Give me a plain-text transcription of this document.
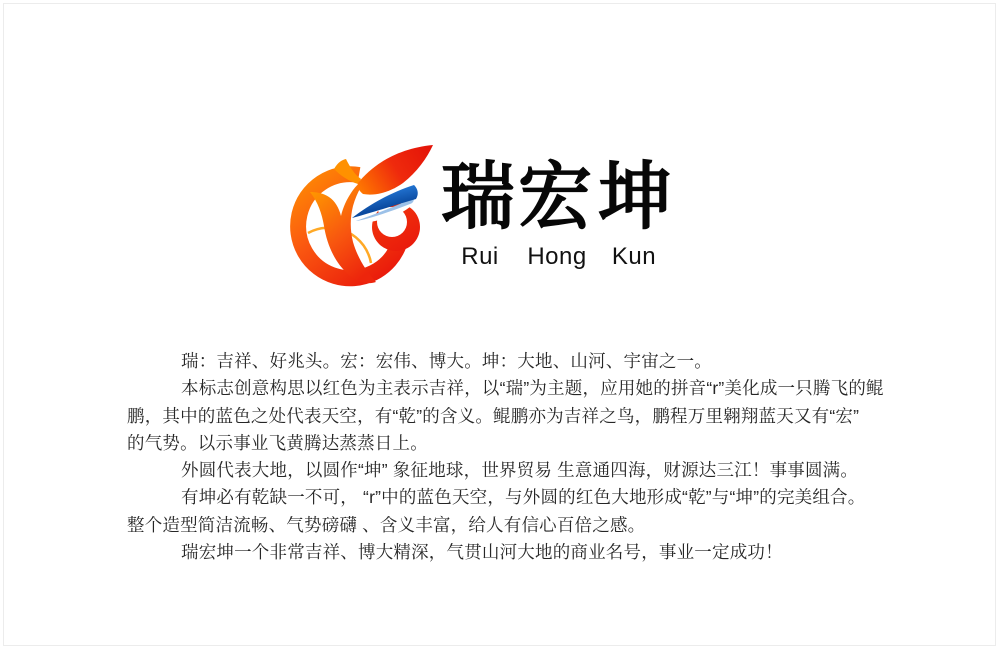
瑞 宏 坤
Rui Hong Kun
瑞：吉祥、好兆头。宏：宏伟、博大。坤：大地、山河、宇宙之一。
本标志创意构思以红色为主表示吉祥，以“瑞”为主题，应用她的拼音“r”美化成一只腾飞的鲲
鹏，其中的蓝色之处代表天空，有“乾”的含义。鲲鹏亦为吉祥之鸟，鹏程万里翱翔蓝天又有“宏”
的气势。以示事业飞黄腾达蒸蒸日上。
外圆代表大地，以圆作“坤” 象征地球，世界贸易 生意通四海，财源达三江！事事圆满。
有坤必有乾缺一不可， “r”中的蓝色天空，与外圆的红色大地形成“乾”与“坤”的完美组合。
整个造型简洁流畅、气势磅礴 、含义丰富，给人有信心百倍之感。
瑞宏坤一个非常吉祥、博大精深，气贯山河大地的商业名号，事业一定成功！
